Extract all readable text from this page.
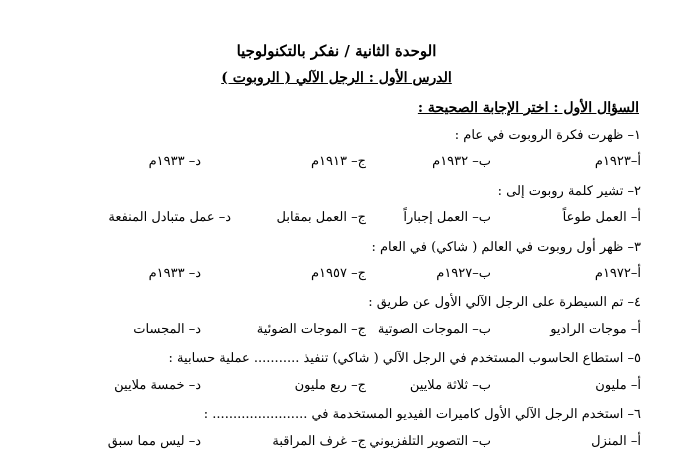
الوحدة الثانية / نفكر بالتكنولوجيا
الدرس الأول : الرجل الآلي ( الروبوت )
السؤال الأول : اختر الإجابة الصحيحة :
١– ظهرت فكرة الروبوت في عام :
أ–١٩٢٣م
ب– ١٩٣٢م
ج– ١٩١٣م
د– ١٩٣٣م
٢– تشير كلمة روبوت إلى :
أ– العمل طوعاً
ب– العمل إجباراً
ج– العمل بمقابل
د– عمل متبادل المنفعة
٣– ظهر أول روبوت في العالم ( شاكي) في العام :
أ–١٩٧٢م
ب–١٩٢٧م
ج– ١٩٥٧م
د– ١٩٣٣م
٤– تم السيطرة على الرجل الآلي الأول عن طريق :
أ– موجات الراديو
ب– الموجات الصوتية
ج– الموجات الضوئية
د– المجسات
٥– استطاع الحاسوب المستخدم في الرجل الآلي ( شاكي) تنفيذ ........... عملية حسابية :
أ– مليون
ب– ثلاثة ملايين
ج– ربع مليون
د– خمسة ملايين
٦– استخدم الرجل الآلي الأول كاميرات الفيديو المستخدمة في ....................... :
أ– المنزل
ب– التصوير التلفزيوني
ج– غرف المراقبة
د– ليس مما سبق
